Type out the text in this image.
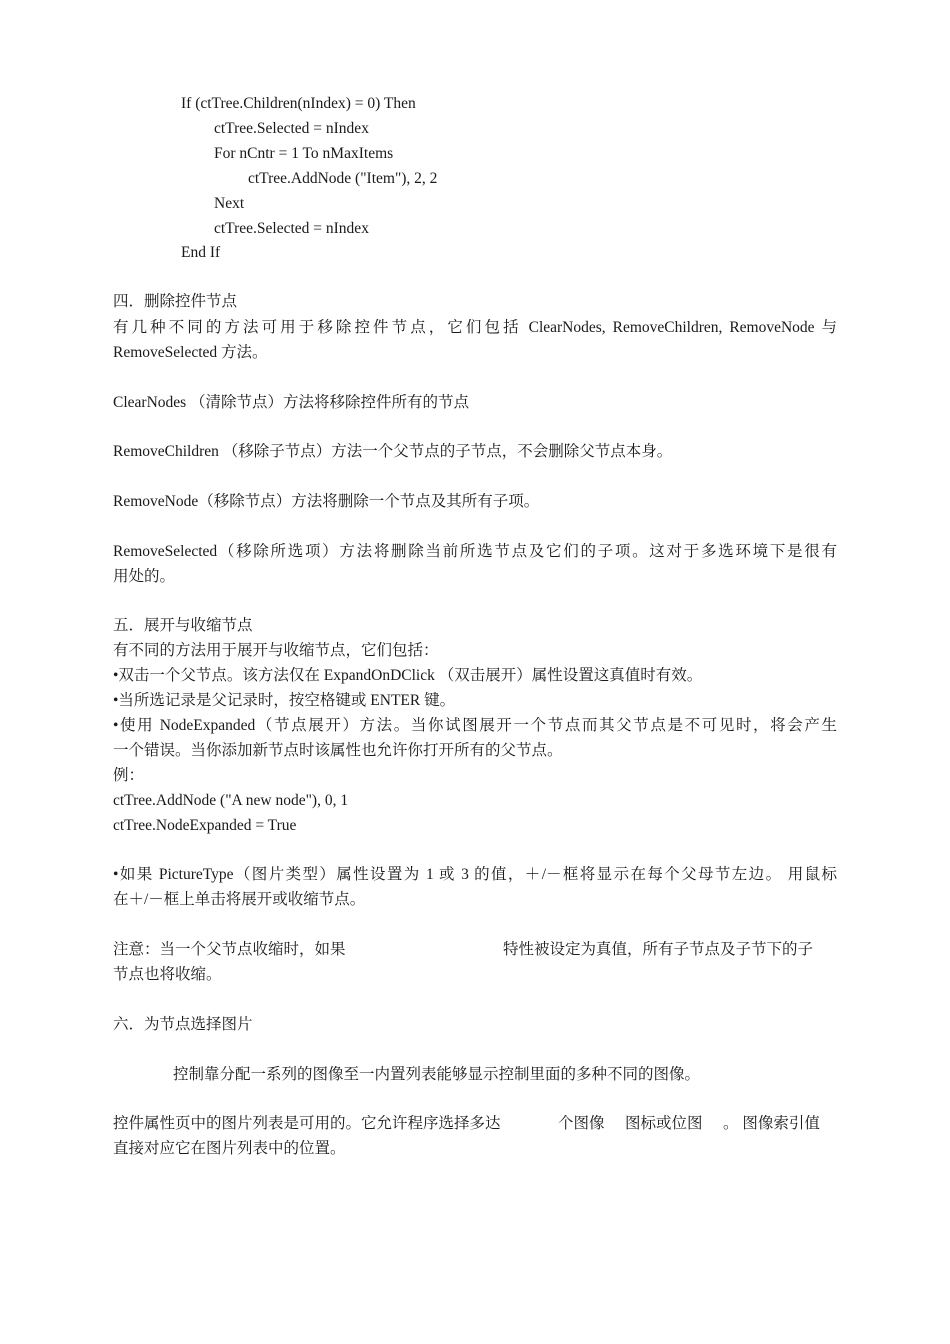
If (ctTree.Children(nIndex) = 0) Then
ctTree.Selected = nIndex
For nCntr = 1 To nMaxItems
ctTree.AddNode ("Item"), 2, 2
Next
ctTree.Selected = nIndex
End If
四．删除控件节点
有几种不同的方法可用于移除控件节点，它们包括 ClearNodes, RemoveChildren, RemoveNode 与
RemoveSelected 方法。
ClearNodes （清除节点）方法将移除控件所有的节点
RemoveChildren （移除子节点）方法一个父节点的子节点，不会删除父节点本身。
RemoveNode（移除节点）方法将删除一个节点及其所有子项。
RemoveSelected（移除所选项）方法将删除当前所选节点及它们的子项。这对于多选环境下是很有
用处的。
五．展开与收缩节点
有不同的方法用于展开与收缩节点，它们包括：
•双击一个父节点。该方法仅在 ExpandOnDClick （双击展开）属性设置这真值时有效。
•当所选记录是父记录时，按空格键或 ENTER 键。
•使用 NodeExpanded（节点展开）方法。当你试图展开一个节点而其父节点是不可见时，将会产生
一个错误。当你添加新节点时该属性也允许你打开所有的父节点。
例：
ctTree.AddNode ("A new node"), 0, 1
ctTree.NodeExpanded = True
•如果 PictureType（图片类型）属性设置为 1 或 3 的值，＋/－框将显示在每个父母节左边。 用鼠标
在＋/－框上单击将展开或收缩节点。
注意：当一个父节点收缩时，如果	特性被设定为真值，所有子节点及子节下的子
节点也将收缩。
六．为节点选择图片
控制靠分配一系列的图像至一内置列表能够显示控制里面的多种不同的图像。
控件属性页中的图片列表是可用的。它允许程序选择多达	个图像 图标或位图 。 图像索引值
直接对应它在图片列表中的位置。
